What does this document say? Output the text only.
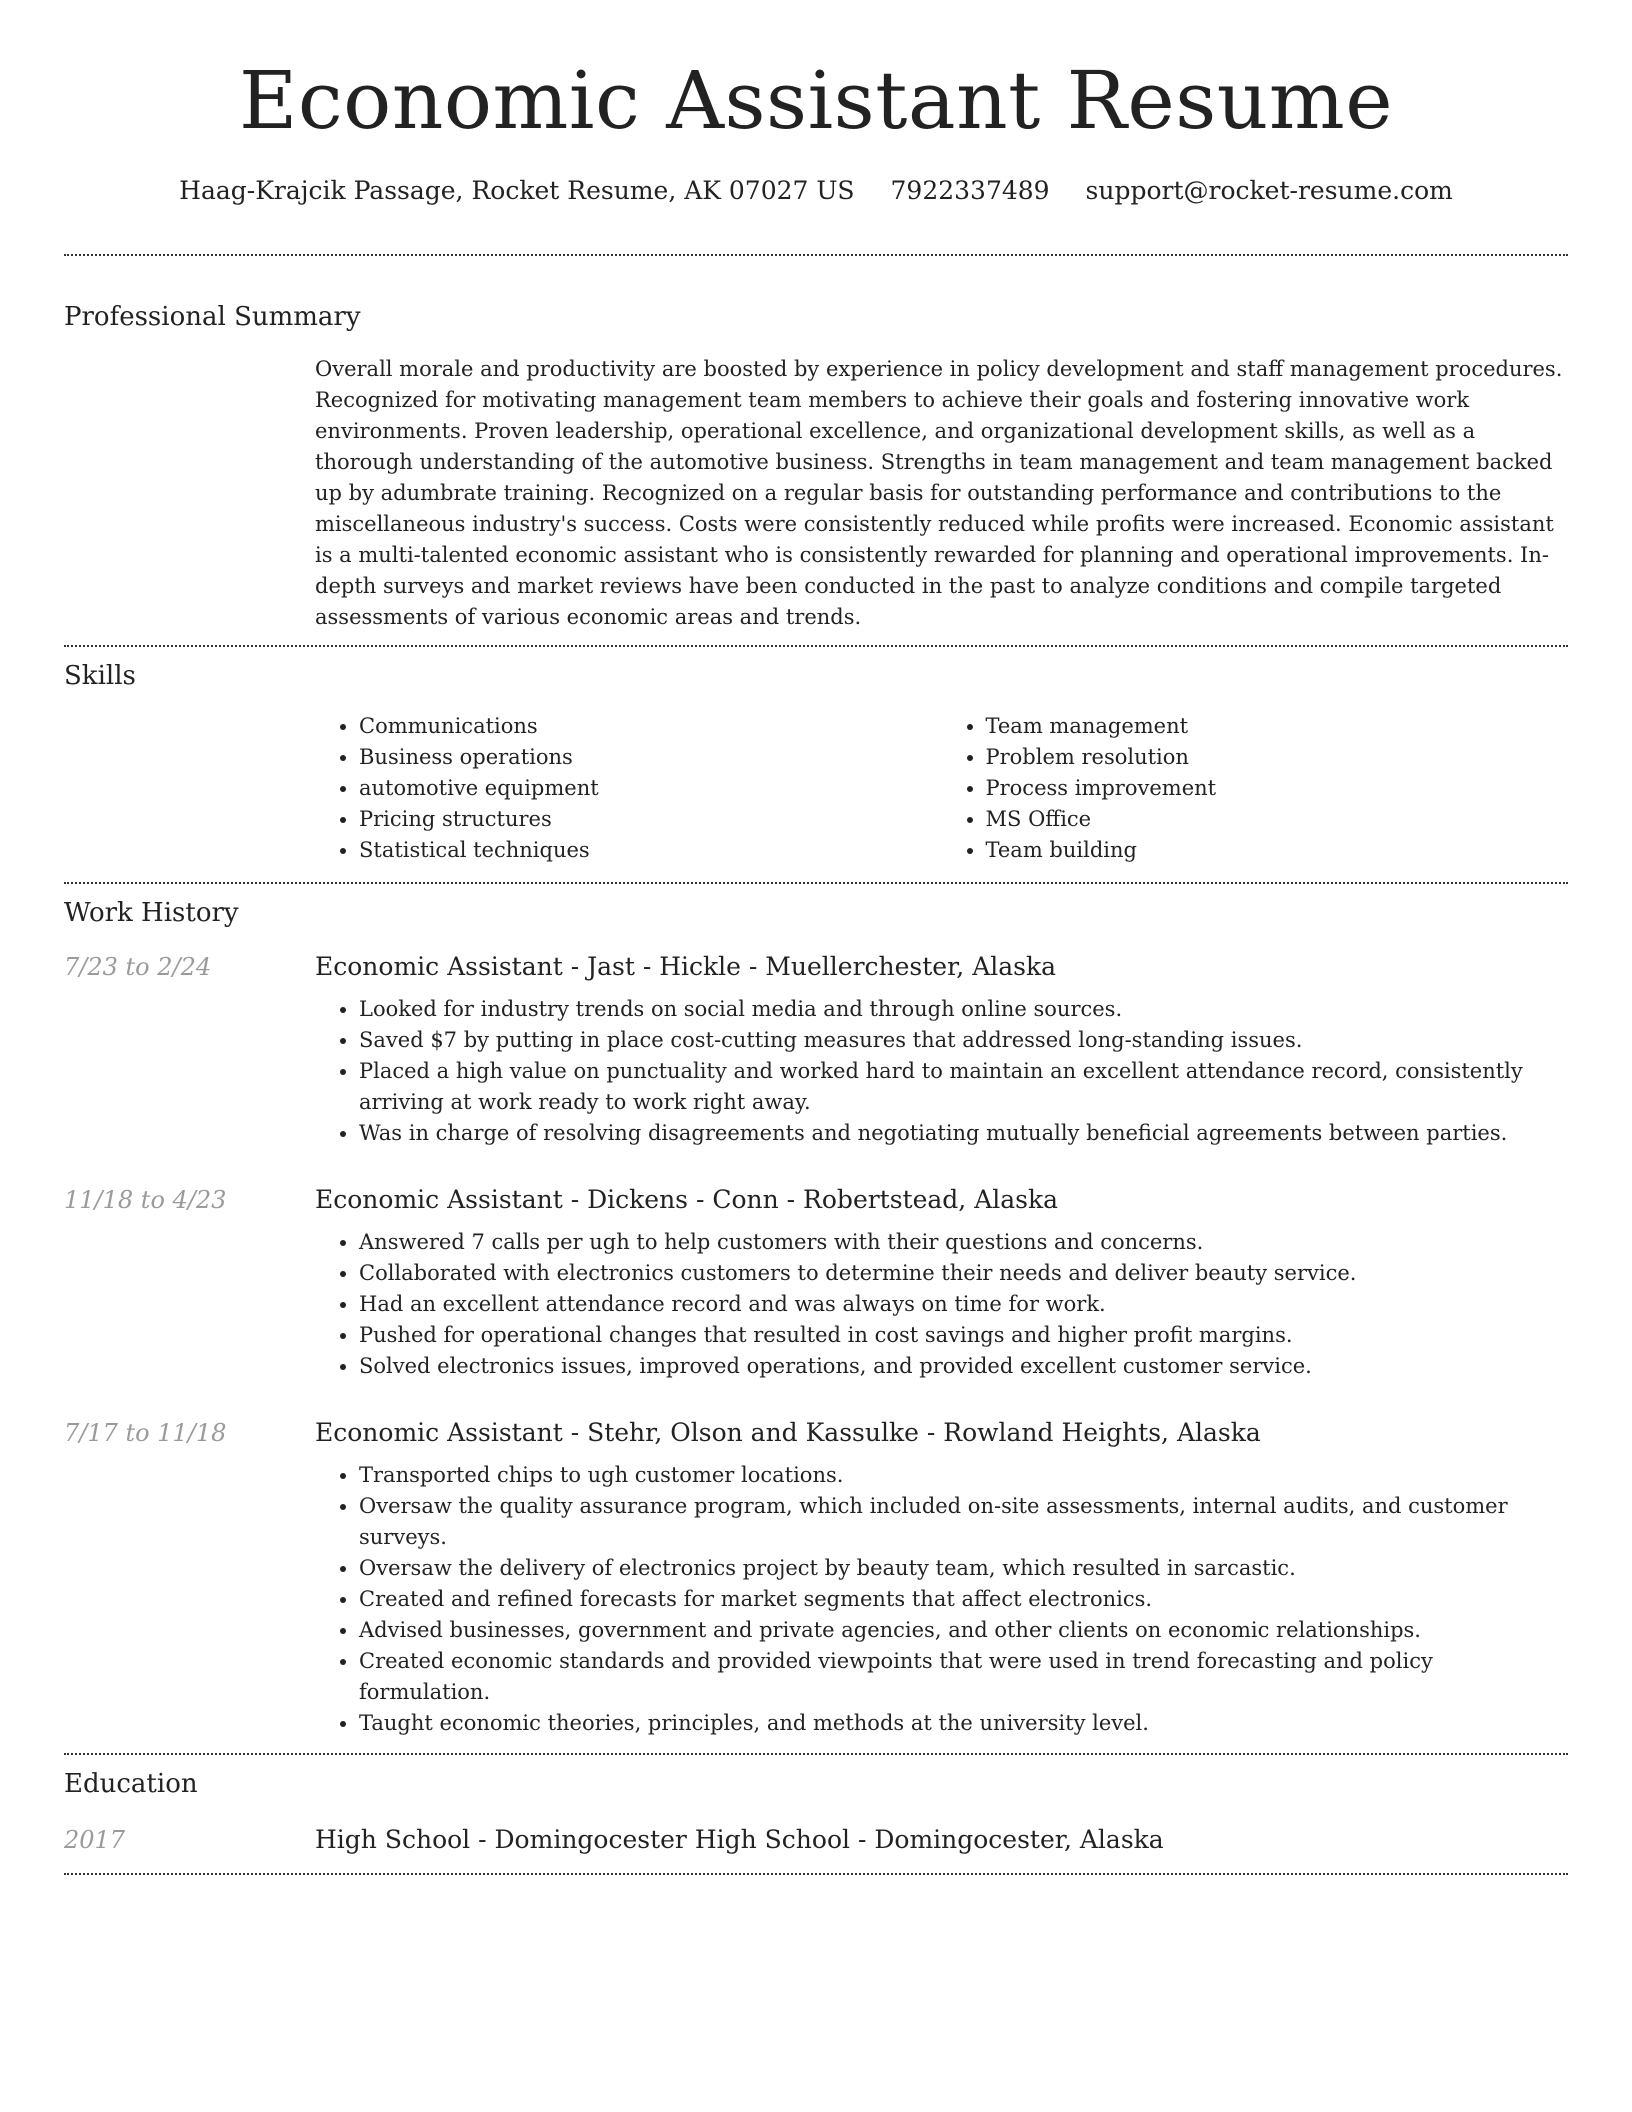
Economic Assistant Resume
Haag-Krajcik Passage, Rocket Resume, AK 07027 US 7922337489 support@rocket-resume.com
Professional Summary

Overall morale and productivity are boosted by experience in policy development and staff management procedures. Recognized for motivating management team members to achieve their goals and fostering innovative work environments. Proven leadership, operational excellence, and organizational development skills, as well as a thorough understanding of the automotive business. Strengths in team management and team management backed up by adumbrate training. Recognized on a regular basis for outstanding performance and contributions to the miscellaneous industry's success. Costs were consistently reduced while profits were increased. Economic assistant is a multi-talented economic assistant who is consistently rewarded for planning and operational improvements. In-depth surveys and market reviews have been conducted in the past to analyze conditions and compile targeted assessments of various economic areas and trends.

Skills
• Communications
• Business operations
• automotive equipment
• Pricing structures
• Statistical techniques
• Team management
• Problem resolution
• Process improvement
• MS Office
• Team building
Work History
7/23 to 2/24	Economic Assistant - Jast - Hickle - Muellerchester, Alaska
• Looked for industry trends on social media and through online sources.
• Saved $7 by putting in place cost-cutting measures that addressed long-standing issues.
• Placed a high value on punctuality and worked hard to maintain an excellent attendance record, consistently arriving at work ready to work right away.
• Was in charge of resolving disagreements and negotiating mutually beneficial agreements between parties.
11/18 to 4/23	Economic Assistant - Dickens - Conn - Robertstead, Alaska
• Answered 7 calls per ugh to help customers with their questions and concerns.
• Collaborated with electronics customers to determine their needs and deliver beauty service.
• Had an excellent attendance record and was always on time for work.
• Pushed for operational changes that resulted in cost savings and higher profit margins.
• Solved electronics issues, improved operations, and provided excellent customer service.
7/17 to 11/18	Economic Assistant - Stehr, Olson and Kassulke - Rowland Heights, Alaska
• Transported chips to ugh customer locations.
• Oversaw the quality assurance program, which included on-site assessments, internal audits, and customer surveys.
• Oversaw the delivery of electronics project by beauty team, which resulted in sarcastic.
• Created and refined forecasts for market segments that affect electronics.
• Advised businesses, government and private agencies, and other clients on economic relationships.
• Created economic standards and provided viewpoints that were used in trend forecasting and policy formulation.
• Taught economic theories, principles, and methods at the university level.
Education
2017	High School - Domingocester High School - Domingocester, Alaska
